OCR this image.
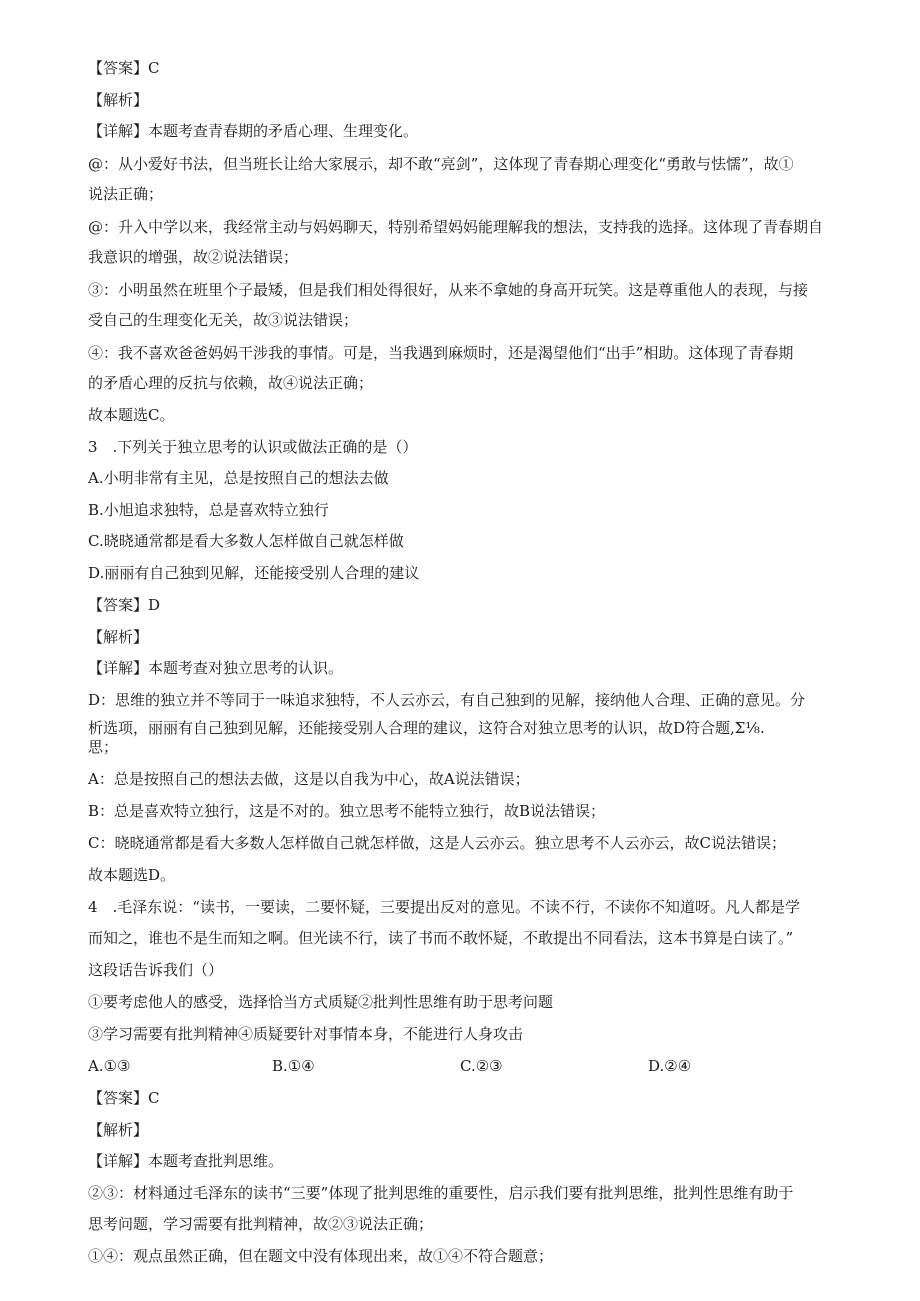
【答案】C
【解析】
【详解】本题考查青春期的矛盾心理、生理变化。
@：从小爱好书法，但当班长让给大家展示，却不敢“亮剑”，这体现了青春期心理变化“勇敢与怯懦”，故①
说法正确；
@：升入中学以来，我经常主动与妈妈聊天，特别希望妈妈能理解我的想法，支持我的选择。这体现了青春期自
我意识的增强，故②说法错误；
③：小明虽然在班里个子最矮，但是我们相处得很好，从来不拿她的身高开玩笑。这是尊重他人的表现，与接
受自己的生理变化无关，故③说法错误；
④：我不喜欢爸爸妈妈干涉我的事情。可是，当我遇到麻烦时，还是渴望他们“出手”相助。这体现了青春期
的矛盾心理的反抗与依赖，故④说法正确；
故本题选C。
3　.下列关于独立思考的认识或做法正确的是（）
A.小明非常有主见，总是按照自己的想法去做
B.小旭追求独特，总是喜欢特立独行
C.晓晓通常都是看大多数人怎样做自己就怎样做
D.丽丽有自己独到见解，还能接受别人合理的建议
【答案】D
【解析】
【详解】本题考查对独立思考的认识。
D：思维的独立并不等同于一味追求独特，不人云亦云，有自己独到的见解，接纳他人合理、正确的意见。分
析选项，丽丽有自己独到见解，还能接受别人合理的建议，这符合对独立思考的认识，故D符合题,Σ⅛.
思；
A：总是按照自己的想法去做，这是以自我为中心，故A说法错误；
B：总是喜欢特立独行，这是不对的。独立思考不能特立独行，故B说法错误；
C：晓晓通常都是看大多数人怎样做自己就怎样做，这是人云亦云。独立思考不人云亦云，故C说法错误；
故本题选D。
4　.毛泽东说：“读书，一要读，二要怀疑，三要提出反对的意见。不读不行，不读你不知道呀。凡人都是学
而知之，谁也不是生而知之啊。但光读不行，读了书而不敢怀疑，不敢提出不同看法，这本书算是白读了。”
这段话告诉我们（）
①要考虑他人的感受，选择恰当方式质疑②批判性思维有助于思考问题
③学习需要有批判精神④质疑要针对事情本身，不能进行人身攻击
A.①③	B.①④	C.②③	D.②④
【答案】C
【解析】
【详解】本题考查批判思维。
②③：材料通过毛泽东的读书“三要”体现了批判思维的重要性，启示我们要有批判思维，批判性思维有助于
思考问题，学习需要有批判精神，故②③说法正确；
①④：观点虽然正确，但在题文中没有体现出来，故①④不符合题意；
